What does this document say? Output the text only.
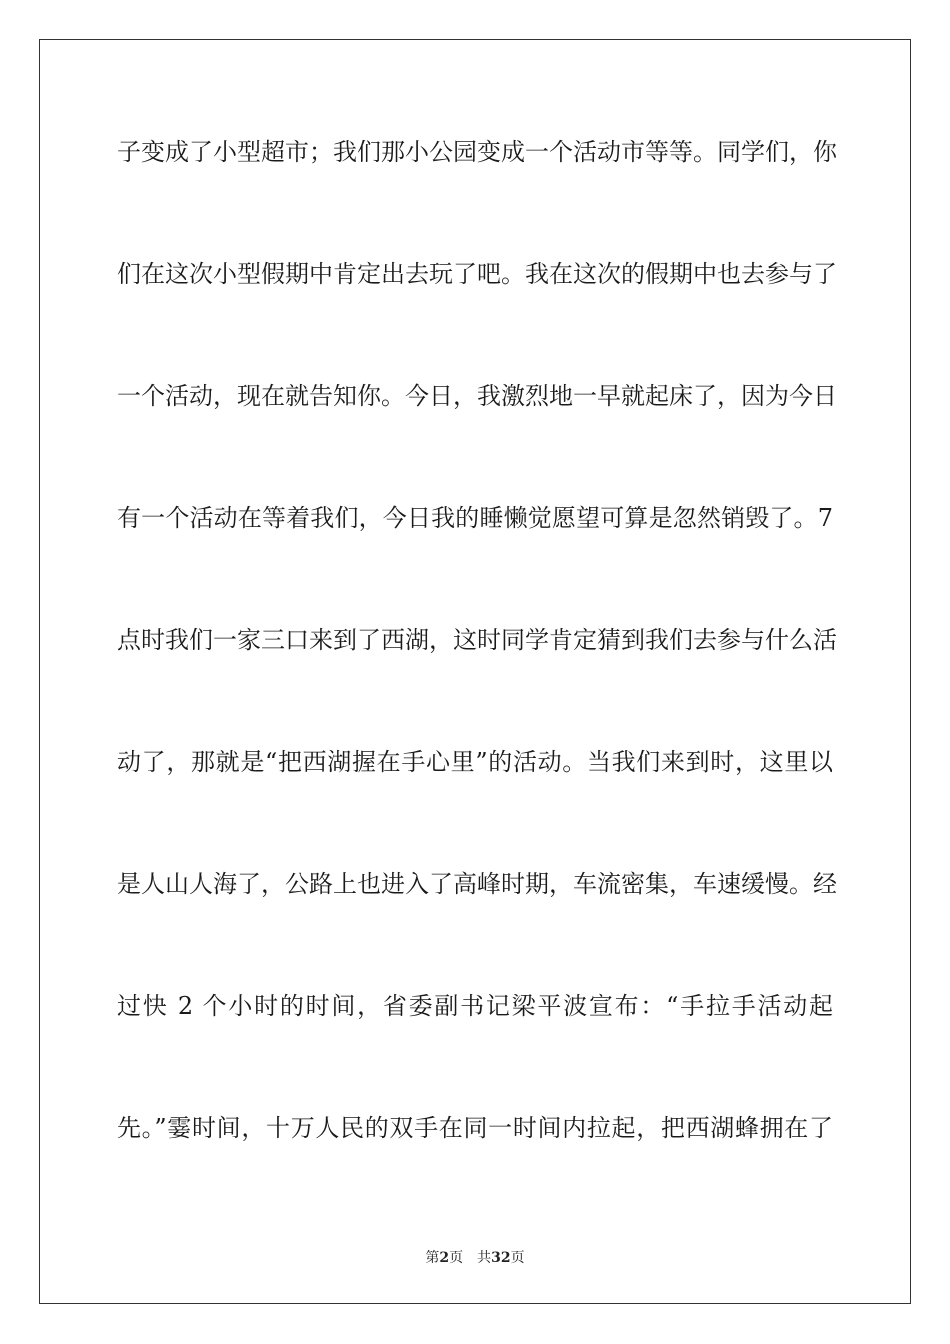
子变成了小型超市；我们那小公园变成一个活动市等等。同学们，你
们在这次小型假期中肯定出去玩了吧。我在这次的假期中也去参与了
一个活动，现在就告知你。今日，我激烈地一早就起床了，因为今日
有一个活动在等着我们，今日我的睡懒觉愿望可算是忽然销毁了。7
点时我们一家三口来到了西湖，这时同学肯定猜到我们去参与什么活
动了，那就是“把西湖握在手心里”的活动。当我们来到时，这里以
是人山人海了，公路上也进入了高峰时期，车流密集，车速缓慢。经
过快 2 个小时的时间，省委副书记梁平波宣布：“手拉手活动起
先。”霎时间，十万人民的双手在同一时间内拉起，把西湖蜂拥在了
第2页 共32页
